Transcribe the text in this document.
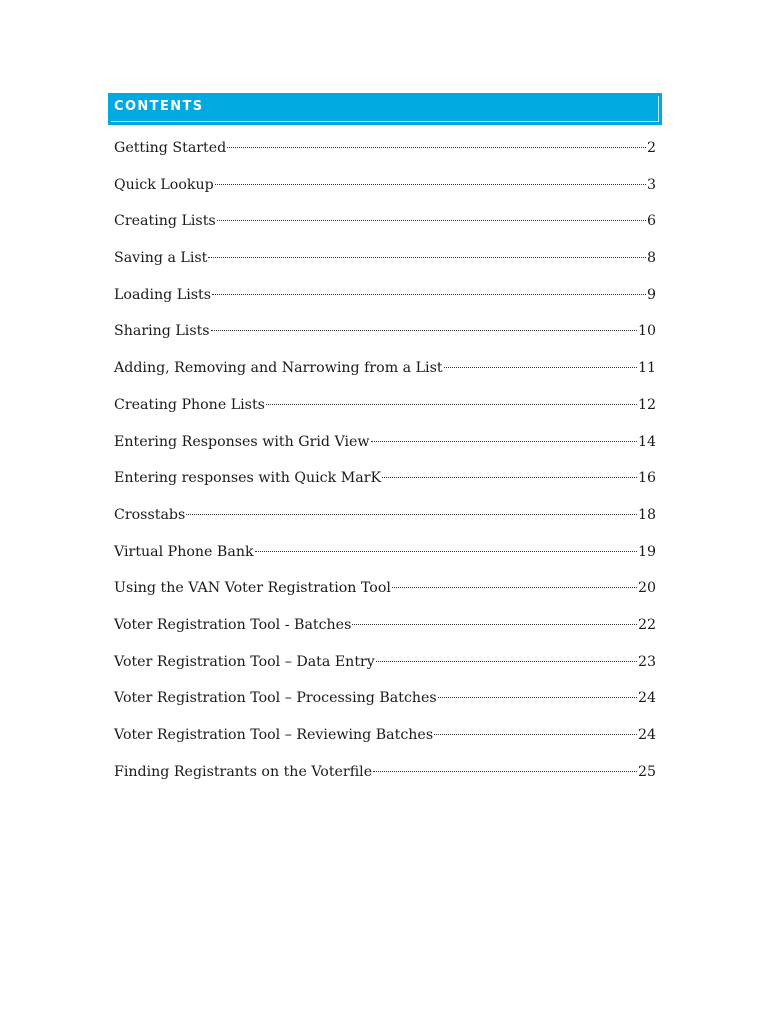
CONTENTS
Getting Started	2
Quick Lookup	3
Creating Lists	6
Saving a List	8
Loading Lists	9
Sharing Lists	10
Adding, Removing and Narrowing from a List	11
Creating Phone Lists	12
Entering Responses with Grid View	14
Entering responses with Quick MarK	16
Crosstabs	18
Virtual Phone Bank	19
Using the VAN Voter Registration Tool	20
Voter Registration Tool - Batches	22
Voter Registration Tool – Data Entry	23
Voter Registration Tool – Processing Batches	24
Voter Registration Tool – Reviewing Batches	24
Finding Registrants on the Voterfile	25
